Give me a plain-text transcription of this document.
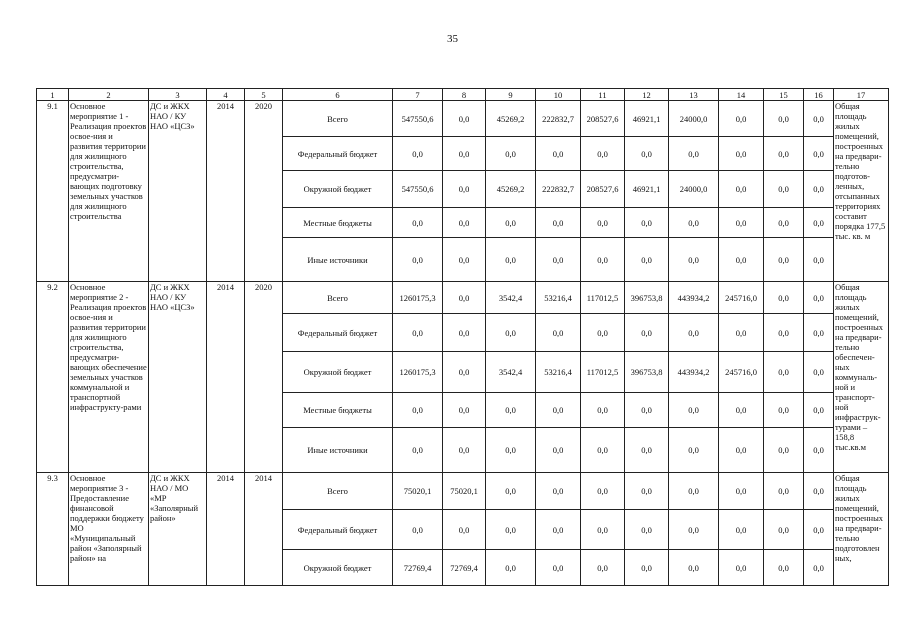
35
1	2	3	4	5	6	7	8	9	10	11	12	13	14	15	16	17
9.1	Основное мероприятие 1 - Реализация проектов освое-ния и развития территории для жилищного строительства, предусматри-вающих подготовку земельных участков для жилищного строительства	ДС и ЖКХ НАО / КУ НАО «ЦСЗ»	2014	2020	Всего	547550,6	0,0	45269,2	222832,7	208527,6	46921,1	24000,0	0,0	0,0	0,0	Общая площадь жилых помещений, построенных на предвари-тельно подготов-ленных, отсыпанных территориях составит порядка 177,5 тыс. кв. м
					Федеральный бюджет	0,0	0,0	0,0	0,0	0,0	0,0	0,0	0,0	0,0	0,0	
					Окружной бюджет	547550,6	0,0	45269,2	222832,7	208527,6	46921,1	24000,0	0,0	0,0	0,0	
					Местные бюджеты	0,0	0,0	0,0	0,0	0,0	0,0	0,0	0,0	0,0	0,0	
					Иные источники	0,0	0,0	0,0	0,0	0,0	0,0	0,0	0,0	0,0	0,0	
9.2	Основное мероприятие 2 - Реализация проектов освое-ния и развития территории для жилищного строительства, предусматри-вающих обеспечение земельных участков коммунальной и транспортной инфраструкту-рами	ДС и ЖКХ НАО / КУ НАО «ЦСЗ»	2014	2020	Всего	1260175,3	0,0	3542,4	53216,4	117012,5	396753,8	443934,2	245716,0	0,0	0,0	Общая площадь жилых помещений, построенных на предвари-тельно обеспечен-ных коммуналь-ной и транспорт-ной инфраструк-турами – 158,8 тыс.кв.м
					Федеральный бюджет	0,0	0,0	0,0	0,0	0,0	0,0	0,0	0,0	0,0	0,0	
					Окружной бюджет	1260175,3	0,0	3542,4	53216,4	117012,5	396753,8	443934,2	245716,0	0,0	0,0	
					Местные бюджеты	0,0	0,0	0,0	0,0	0,0	0,0	0,0	0,0	0,0	0,0	
					Иные источники	0,0	0,0	0,0	0,0	0,0	0,0	0,0	0,0	0,0	0,0	
9.3	Основное мероприятие 3 - Предоставление финансовой поддержки бюджету МО «Муниципальный район «Заполярный район» на	ДС и ЖКХ НАО / МО «МР «Заполярный район»	2014	2014	Всего	75020,1	75020,1	0,0	0,0	0,0	0,0	0,0	0,0	0,0	0,0	Общая площадь жилых помещений, построенных на предвари-тельно подготовлен ных,
					Федеральный бюджет	0,0	0,0	0,0	0,0	0,0	0,0	0,0	0,0	0,0	0,0	
					Окружной бюджет	72769,4	72769,4	0,0	0,0	0,0	0,0	0,0	0,0	0,0	0,0	
